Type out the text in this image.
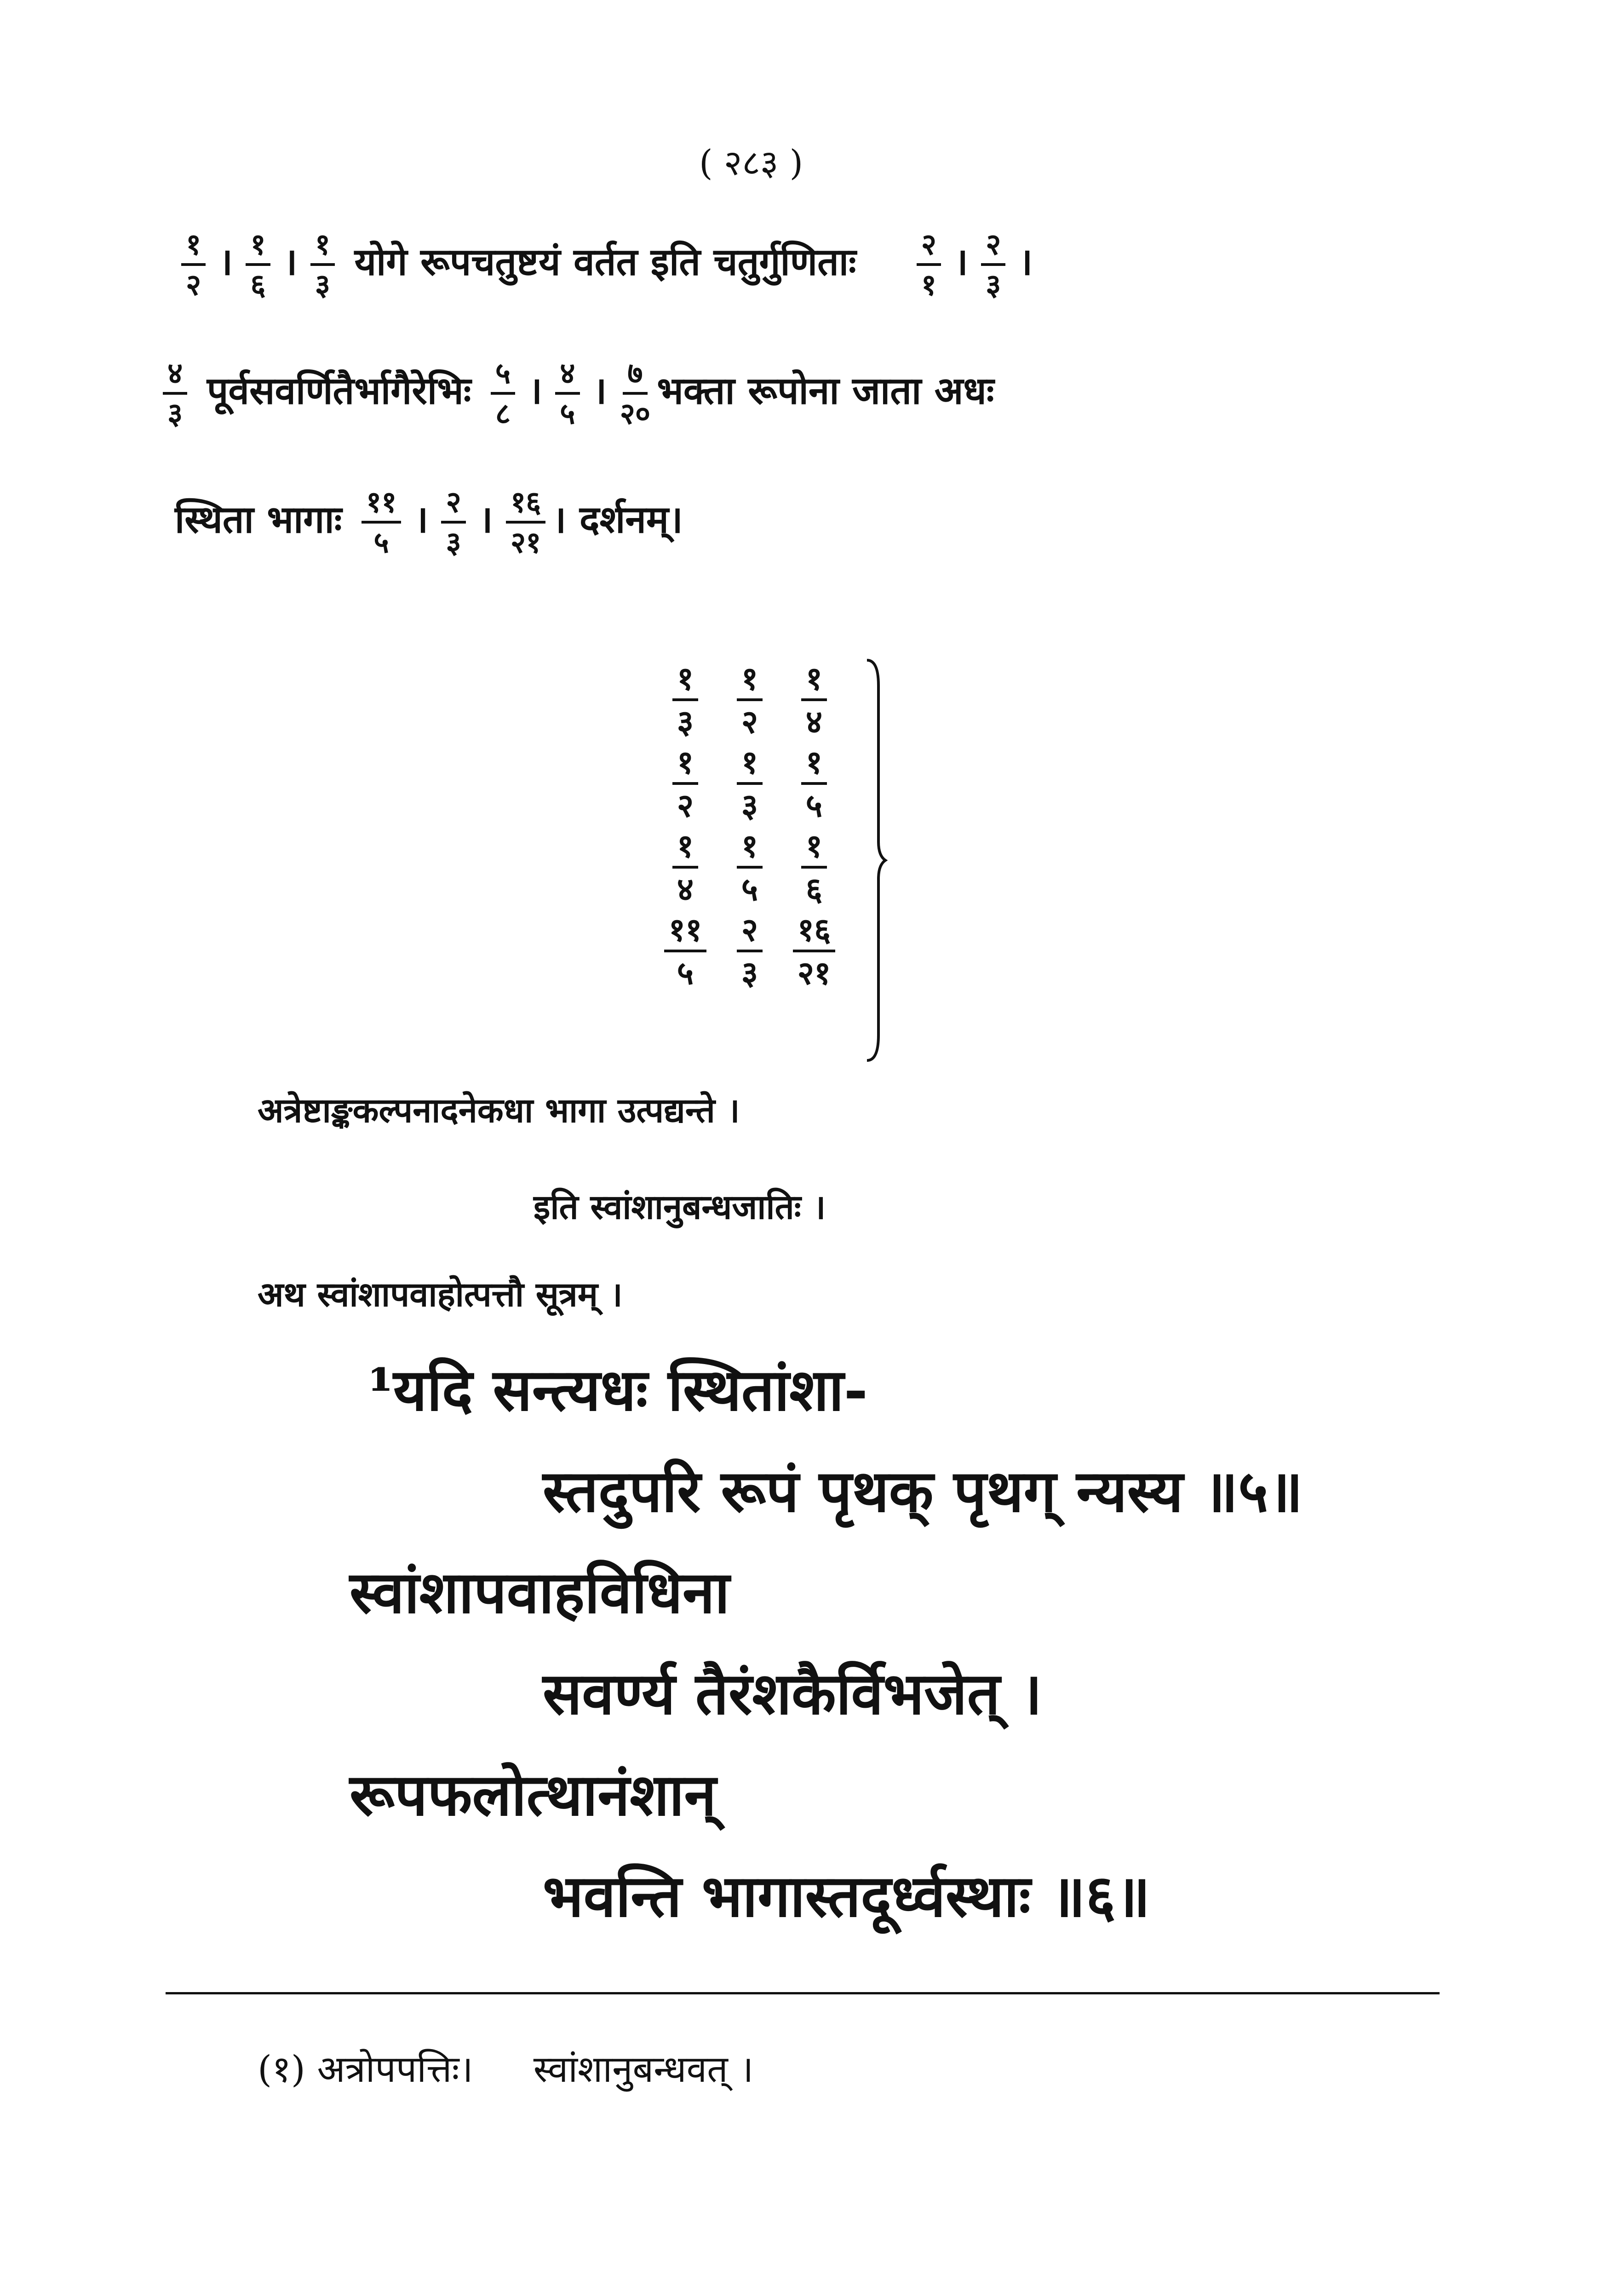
( २८३ )
$\frac{१}{२}$ । $\frac{१}{६}$ । $\frac{१}{३}$ योगे रूपचतुष्टयं वर्तत इति चतुर्गुणिताः $\frac{२}{१}$ । $\frac{२}{३}$ ।
$\frac{४}{३}$ पूर्वसवर्णितैर्भागैरेभिः $\frac{५}{८}$ । $\frac{४}{५}$ । $\frac{७}{२०}$ भक्ता रूपोना जाता अधः
स्थिता भागाः $\frac{११}{५}$ । $\frac{२}{३}$ । $\frac{१६}{२१}$ । दर्शनम्।
$\frac{१}{३} \frac{१}{२} \frac{१}{४}$
$\frac{१}{२} \frac{१}{३} \frac{१}{५}$
$\frac{१}{४} \frac{१}{५} \frac{१}{६}$
$\frac{११}{५} \frac{२}{३} \frac{१६}{२१}$
अत्रेष्टाङ्ककल्पनादनेकधा भागा उत्पद्यन्ते ।
इति स्वांशानुबन्धजातिः ।
अथ स्वांशापवाहोत्पत्तौ सूत्रम् ।
¹यदि सन्त्यधः स्थितांशा-
स्तदुपरि रूपं पृथक् पृथग् न्यस्य ॥५॥
स्वांशापवाहविधिना
सवर्ण्य तैरंशकैर्विभजेत् ।
रूपफलोत्थानंशान्
भवन्ति भागास्तदूर्ध्वस्थाः ॥६॥
(१) अत्रोपपत्तिः। स्वांशानुबन्धवत् ।
